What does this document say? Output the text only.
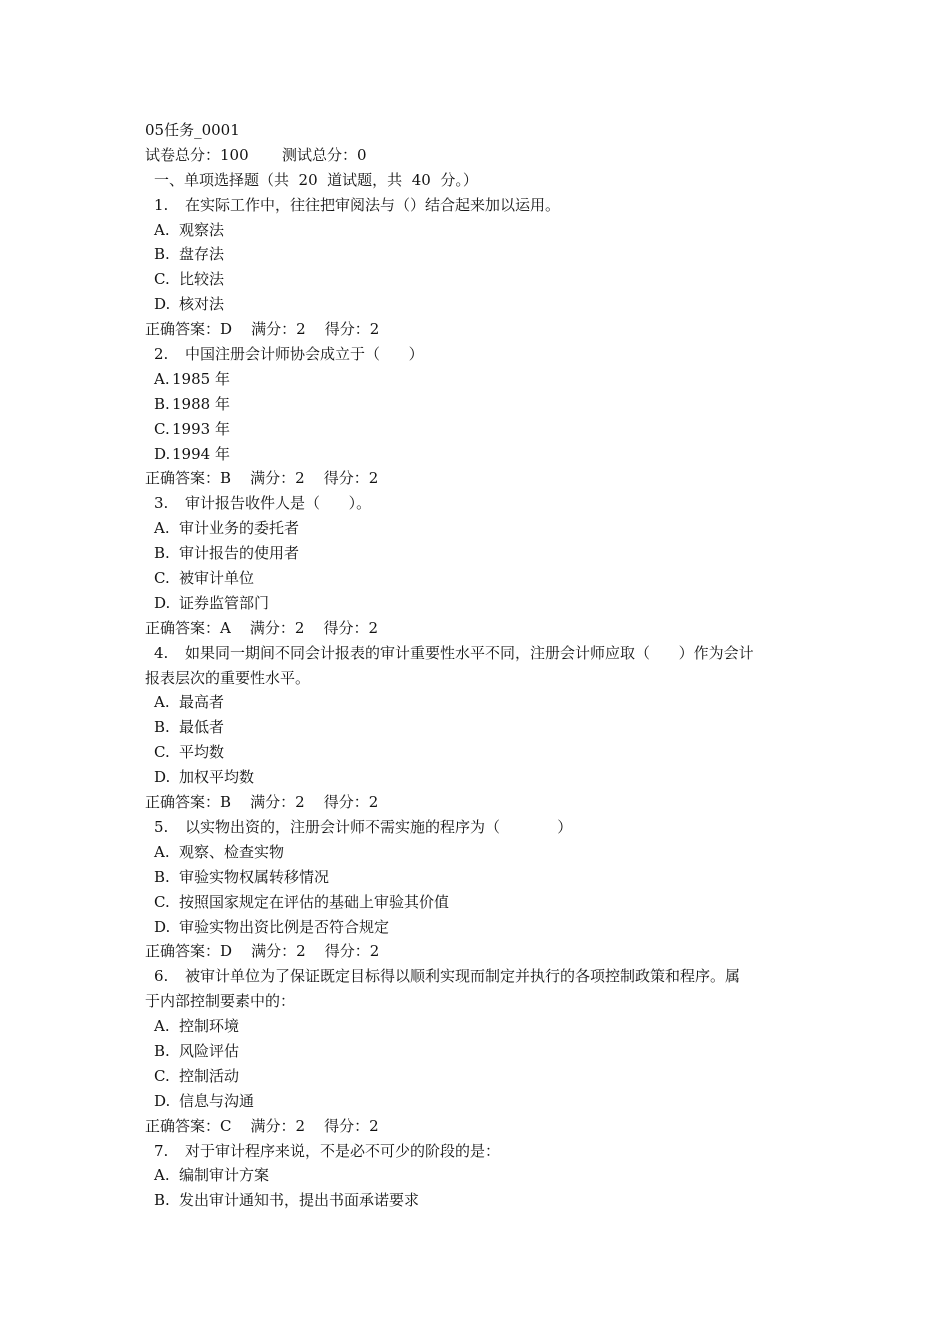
05任务_0001
试卷总分：100       测试总分：0
一、单项选择题（共  20  道试题，共  40  分。）
1. 在实际工作中，往往把审阅法与（）结合起来加以运用。
A. 观察法
B. 盘存法
C. 比较法
D. 核对法
正确答案：D    满分：2    得分：2
2. 中国注册会计师协会成立于（      ）
A. 1985 年
B. 1988 年
C. 1993 年
D. 1994 年
正确答案：B    满分：2    得分：2
3. 审计报告收件人是（      ）。
A. 审计业务的委托者
B. 审计报告的使用者
C. 被审计单位
D. 证券监管部门
正确答案：A    满分：2    得分：2
4. 如果同一期间不同会计报表的审计重要性水平不同，注册会计师应取（      ）作为会计
报表层次的重要性水平。
A. 最高者
B. 最低者
C. 平均数
D. 加权平均数
正确答案：B    满分：2    得分：2
5. 以实物出资的，注册会计师不需实施的程序为（            ）
A. 观察、检查实物
B. 审验实物权属转移情况
C. 按照国家规定在评估的基础上审验其价值
D. 审验实物出资比例是否符合规定
正确答案：D    满分：2    得分：2
6. 被审计单位为了保证既定目标得以顺利实现而制定并执行的各项控制政策和程序。属
于内部控制要素中的：
A. 控制环境
B. 风险评估
C. 控制活动
D. 信息与沟通
正确答案：C    满分：2    得分：2
7. 对于审计程序来说，不是必不可少的阶段的是：
A. 编制审计方案
B. 发出审计通知书，提出书面承诺要求
